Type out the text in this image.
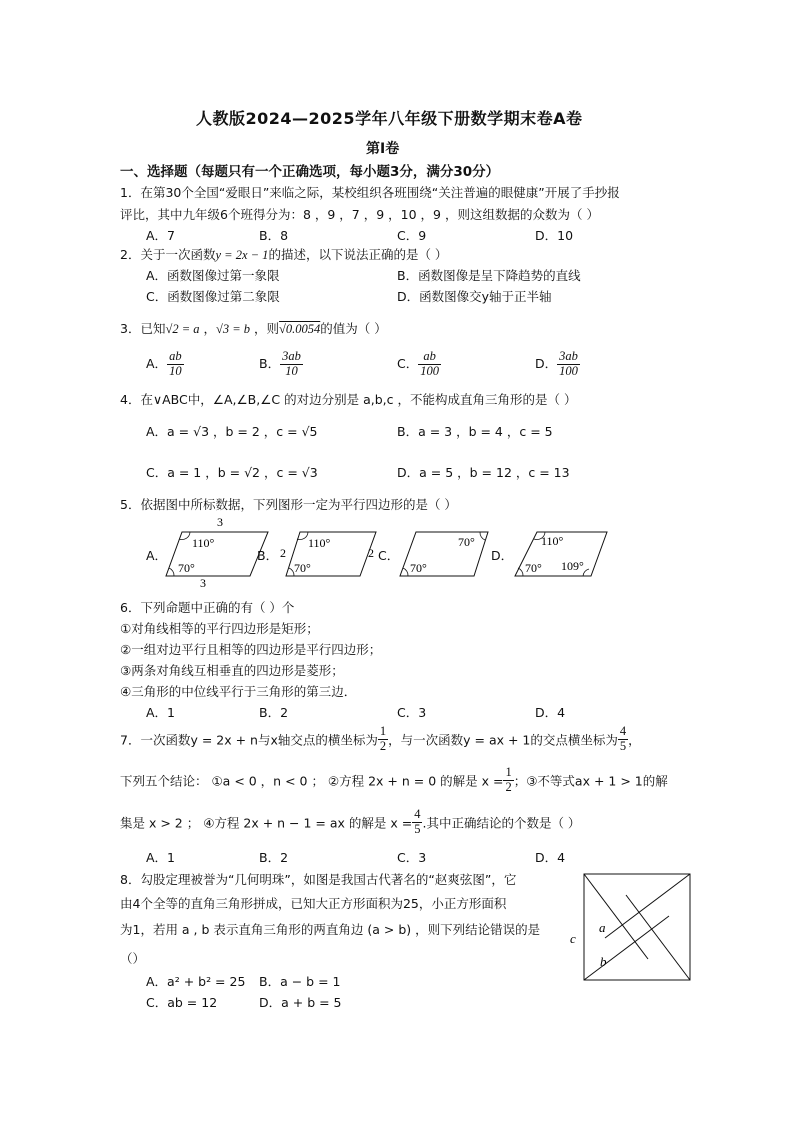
人教版2024—2025学年八年级下册数学期末卷A卷
第Ⅰ卷
一、选择题（每题只有一个正确选项，每小题3分，满分30分）
1．在第30个全国“爱眼日”来临之际，某校组织各班围绕“关注普遍的眼健康”开展了手抄报
评比，其中九年级6个班得分为：8 ，9 ，7 ，9 ，10 ，9 ，则这组数据的众数为（ ）
A．7	B．8	C．9	D．10
2．关于一次函数y = 2x − 1的描述，以下说法正确的是（ ）
A．函数图像过第一象限	B．函数图像是呈下降趋势的直线
C．函数图像过第二象限	D．函数图像交y轴于正半轴
3．已知√2 = a ，√3 = b ，则√0.0054的值为（ ）
A． $\frac{ab}{10}$	B． $\frac{3ab}{10}$	C． $\frac{ab}{100}$	D． $\frac{3ab}{100}$
4．在∨ABC中，∠A,∠B,∠C 的对边分别是 a,b,c ，不能构成直角三角形的是（ ）
A．a = √3 ，b = 2 ，c = √5	B．a = 3 ，b = 4 ，c = 5
C．a = 1 ，b = √2 ，c = √3	D．a = 5 ，b = 12 ，c = 13
5．依据图中所标数据，下列图形一定为平行四边形的是（ ）
A．
3
3
110°
70°
B． 2	2
110°
70°
C．
70°
70°
D．
110°
70° 109°
6．下列命题中正确的有（ ）个
①对角线相等的平行四边形是矩形；
②一组对边平行且相等的四边形是平行四边形；
③两条对角线互相垂直的四边形是菱形；
④三角形的中位线平行于三角形的第三边．
A．1	B．2	C．3	D．4
7．一次函数y = 2x + n与x轴交点的横坐标为 $\frac{1}{2}$ ，与一次函数y = ax + 1的交点横坐标为 $\frac{4}{5}$ ，
下列五个结论： ①a < 0 ，n < 0 ； ②方程 2x + n = 0 的解是 $x = \frac{1}{2}$ ；③不等式ax + 1 > 1的解
集是 x > 2 ； ④方程 2x + n − 1 = ax 的解是 $x = \frac{4}{5}$ .其中正确结论的个数是（ ）
A．1	B．2	C．3	D．4
8．勾股定理被誉为“几何明珠”，如图是我国古代著名的“赵爽弦图”，它
由4个全等的直角三角形拼成，已知大正方形面积为25，小正方形面积
为1，若用 a , b 表示直角三角形的两直角边 (a > b) ，则下列结论错误的是
（）
A．a² + b² = 25 B．a − b = 1
C．ab = 12	D．a + b = 5
a
b
c
